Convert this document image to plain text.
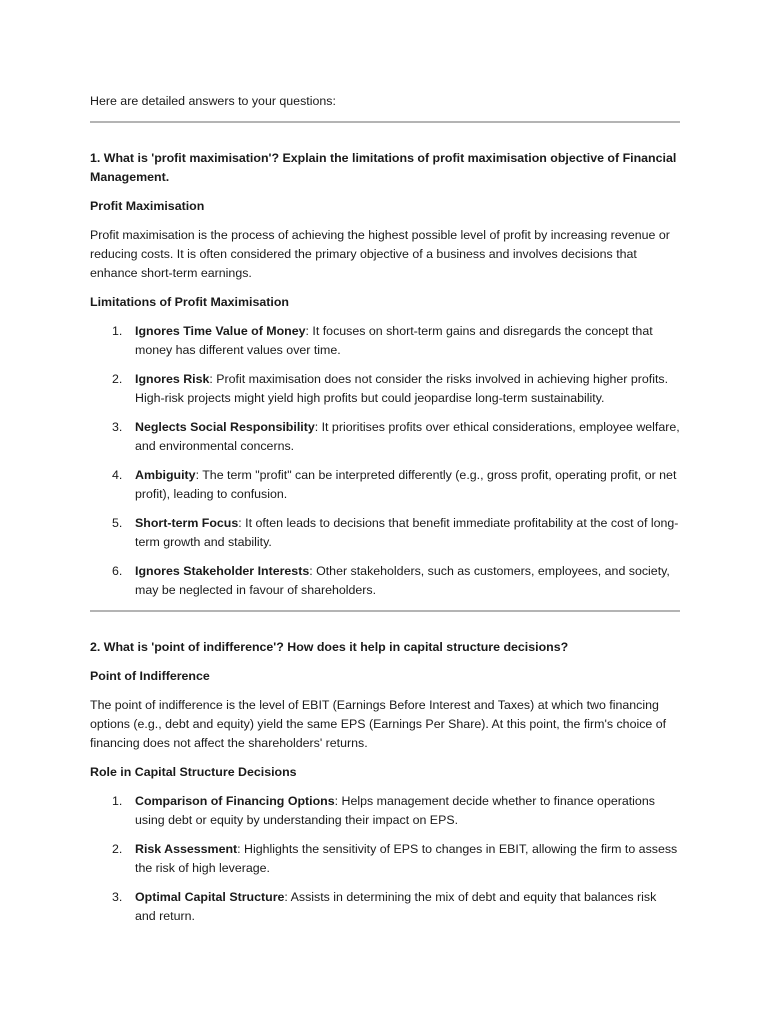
Here are detailed answers to your questions:

1. What is 'profit maximisation'? Explain the limitations of profit maximisation objective of Financial Management.

Profit Maximisation

Profit maximisation is the process of achieving the highest possible level of profit by increasing revenue or reducing costs. It is often considered the primary objective of a business and involves decisions that enhance short-term earnings.

Limitations of Profit Maximisation

1. Ignores Time Value of Money: It focuses on short-term gains and disregards the concept that money has different values over time.
2. Ignores Risk: Profit maximisation does not consider the risks involved in achieving higher profits. High-risk projects might yield high profits but could jeopardise long-term sustainability.
3. Neglects Social Responsibility: It prioritises profits over ethical considerations, employee welfare, and environmental concerns.
4. Ambiguity: The term "profit" can be interpreted differently (e.g., gross profit, operating profit, or net profit), leading to confusion.
5. Short-term Focus: It often leads to decisions that benefit immediate profitability at the cost of long-term growth and stability.
6. Ignores Stakeholder Interests: Other stakeholders, such as customers, employees, and society, may be neglected in favour of shareholders.

2. What is 'point of indifference'? How does it help in capital structure decisions?

Point of Indifference

The point of indifference is the level of EBIT (Earnings Before Interest and Taxes) at which two financing options (e.g., debt and equity) yield the same EPS (Earnings Per Share). At this point, the firm's choice of financing does not affect the shareholders' returns.

Role in Capital Structure Decisions

1. Comparison of Financing Options: Helps management decide whether to finance operations using debt or equity by understanding their impact on EPS.
2. Risk Assessment: Highlights the sensitivity of EPS to changes in EBIT, allowing the firm to assess the risk of high leverage.
3. Optimal Capital Structure: Assists in determining the mix of debt and equity that balances risk and return.
